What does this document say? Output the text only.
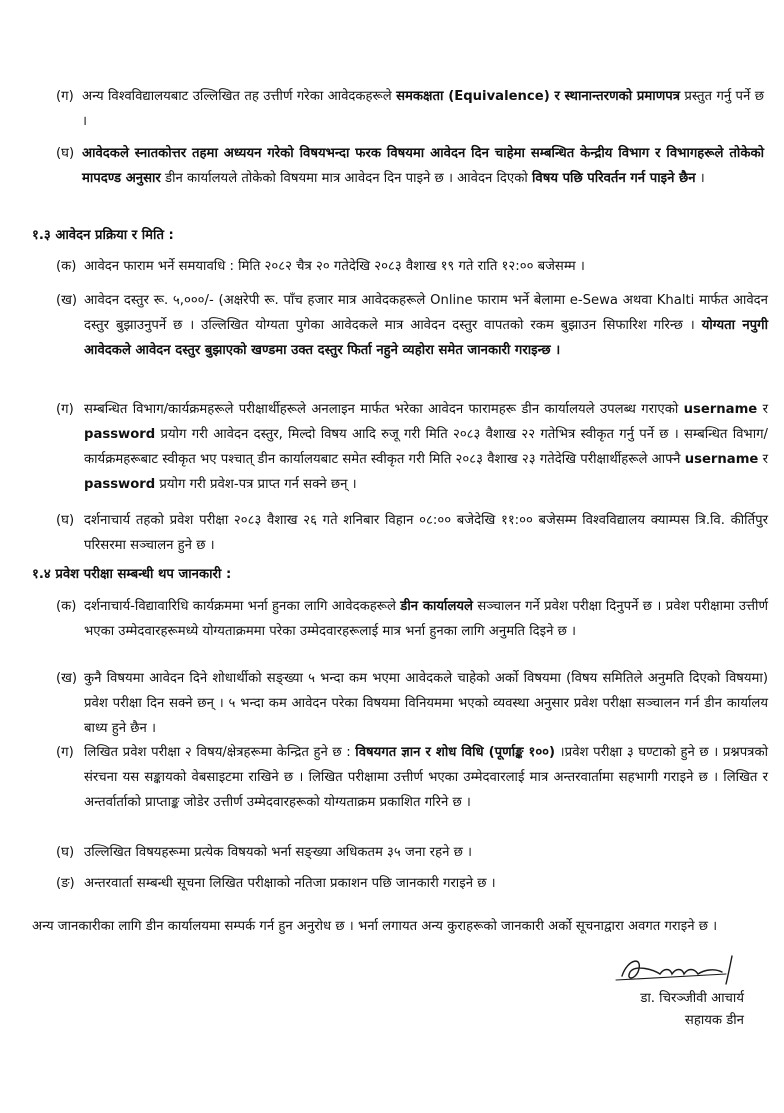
(ग) अन्य विश्वविद्यालयबाट उल्लिखित तह उत्तीर्ण गरेका आवेदकहरूले समकक्षता (Equivalence) र स्थानान्तरणको प्रमाणपत्र प्रस्तुत गर्नु पर्ने छ ।
(घ) आवेदकले स्नातकोत्तर तहमा अध्ययन गरेको विषयभन्दा फरक विषयमा आवेदन दिन चाहेमा सम्बन्धित केन्द्रीय विभाग र विभागहरूले तोकेको मापदण्ड अनुसार डीन कार्यालयले तोकेको विषयमा मात्र आवेदन दिन पाइने छ । आवेदन दिएको विषय पछि परिवर्तन गर्न पाइने छैन ।
१.३ आवेदन प्रक्रिया र मिति :
(क) आवेदन फाराम भर्ने समयावधि : मिति २०८२ चैत्र २० गतेदेखि २०८३ वैशाख १९ गते राति १२:०० बजेसम्म ।
(ख) आवेदन दस्तुर रू. ५,०००/- (अक्षरेपी रू. पाँच हजार मात्र आवेदकहरूले Online फाराम भर्ने बेलामा e-Sewa अथवा Khalti मार्फत आवेदन दस्तुर बुझाउनुपर्ने छ । उल्लिखित योग्यता पुगेका आवेदकले मात्र आवेदन दस्तुर वापतको रकम बुझाउन सिफारिश गरिन्छ । योग्यता नपुगी आवेदकले आवेदन दस्तुर बुझाएको खण्डमा उक्त दस्तुर फिर्ता नहुने व्यहोरा समेत जानकारी गराइन्छ ।
(ग) सम्बन्धित विभाग/कार्यक्रमहरूले परीक्षार्थीहरूले अनलाइन मार्फत भरेका आवेदन फारामहरू डीन कार्यालयले उपलब्ध गराएको username र password प्रयोग गरी आवेदन दस्तुर, मिल्दो विषय आदि रुजू गरी मिति २०८३ वैशाख २२ गतेभित्र स्वीकृत गर्नु पर्ने छ । सम्बन्धित विभाग/कार्यक्रमहरूबाट स्वीकृत भए पश्चात् डीन कार्यालयबाट समेत स्वीकृत गरी मिति २०८३ वैशाख २३ गतेदेखि परीक्षार्थीहरूले आफ्नै username र password प्रयोग गरी प्रवेश-पत्र प्राप्त गर्न सक्ने छन् ।
(घ) दर्शनाचार्य तहको प्रवेश परीक्षा २०८३ वैशाख २६ गते शनिबार विहान ०८:०० बजेदेखि ११:०० बजेसम्म विश्वविद्यालय क्याम्पस त्रि.वि. कीर्तिपुर परिसरमा सञ्चालन हुने छ ।
१.४ प्रवेश परीक्षा सम्बन्धी थप जानकारी :
(क) दर्शनाचार्य-विद्यावारिधि कार्यक्रममा भर्ना हुनका लागि आवेदकहरूले डीन कार्यालयले सञ्चालन गर्ने प्रवेश परीक्षा दिनुपर्ने छ । प्रवेश परीक्षामा उत्तीर्ण भएका उम्मेदवारहरूमध्ये योग्यताक्रममा परेका उम्मेदवारहरूलाई मात्र भर्ना हुनका लागि अनुमति दिइने छ ।
(ख) कुनै विषयमा आवेदन दिने शोधार्थीको सङ्ख्या ५ भन्दा कम भएमा आवेदकले चाहेको अर्को विषयमा (विषय समितिले अनुमति दिएको विषयमा) प्रवेश परीक्षा दिन सक्ने छन् । ५ भन्दा कम आवेदन परेका विषयमा विनियममा भएको व्यवस्था अनुसार प्रवेश परीक्षा सञ्चालन गर्न डीन कार्यालय बाध्य हुने छैन ।
(ग) लिखित प्रवेश परीक्षा २ विषय/क्षेत्रहरूमा केन्द्रित हुने छ : विषयगत ज्ञान र शोध विधि (पूर्णाङ्क १००) ।प्रवेश परीक्षा ३ घण्टाको हुने छ । प्रश्नपत्रको संरचना यस सङ्कायको वेबसाइटमा राखिने छ । लिखित परीक्षामा उत्तीर्ण भएका उम्मेदवारलाई मात्र अन्तरवार्तामा सहभागी गराइने छ । लिखित र अन्तर्वार्ताको प्राप्ताङ्क जोडेर उत्तीर्ण उम्मेदवारहरूको योग्यताक्रम प्रकाशित गरिने छ ।
(घ) उल्लिखित विषयहरूमा प्रत्येक विषयको भर्ना सङ्ख्या अधिकतम ३५ जना रहने छ ।
(ङ) अन्तरवार्ता सम्बन्धी सूचना लिखित परीक्षाको नतिजा प्रकाशन पछि जानकारी गराइने छ ।
अन्य जानकारीका लागि डीन कार्यालयमा सम्पर्क गर्न हुन अनुरोध छ । भर्ना लगायत अन्य कुराहरूको जानकारी अर्को सूचनाद्वारा अवगत गराइने छ ।
डा. चिरञ्जीवी आचार्य
सहायक डीन
